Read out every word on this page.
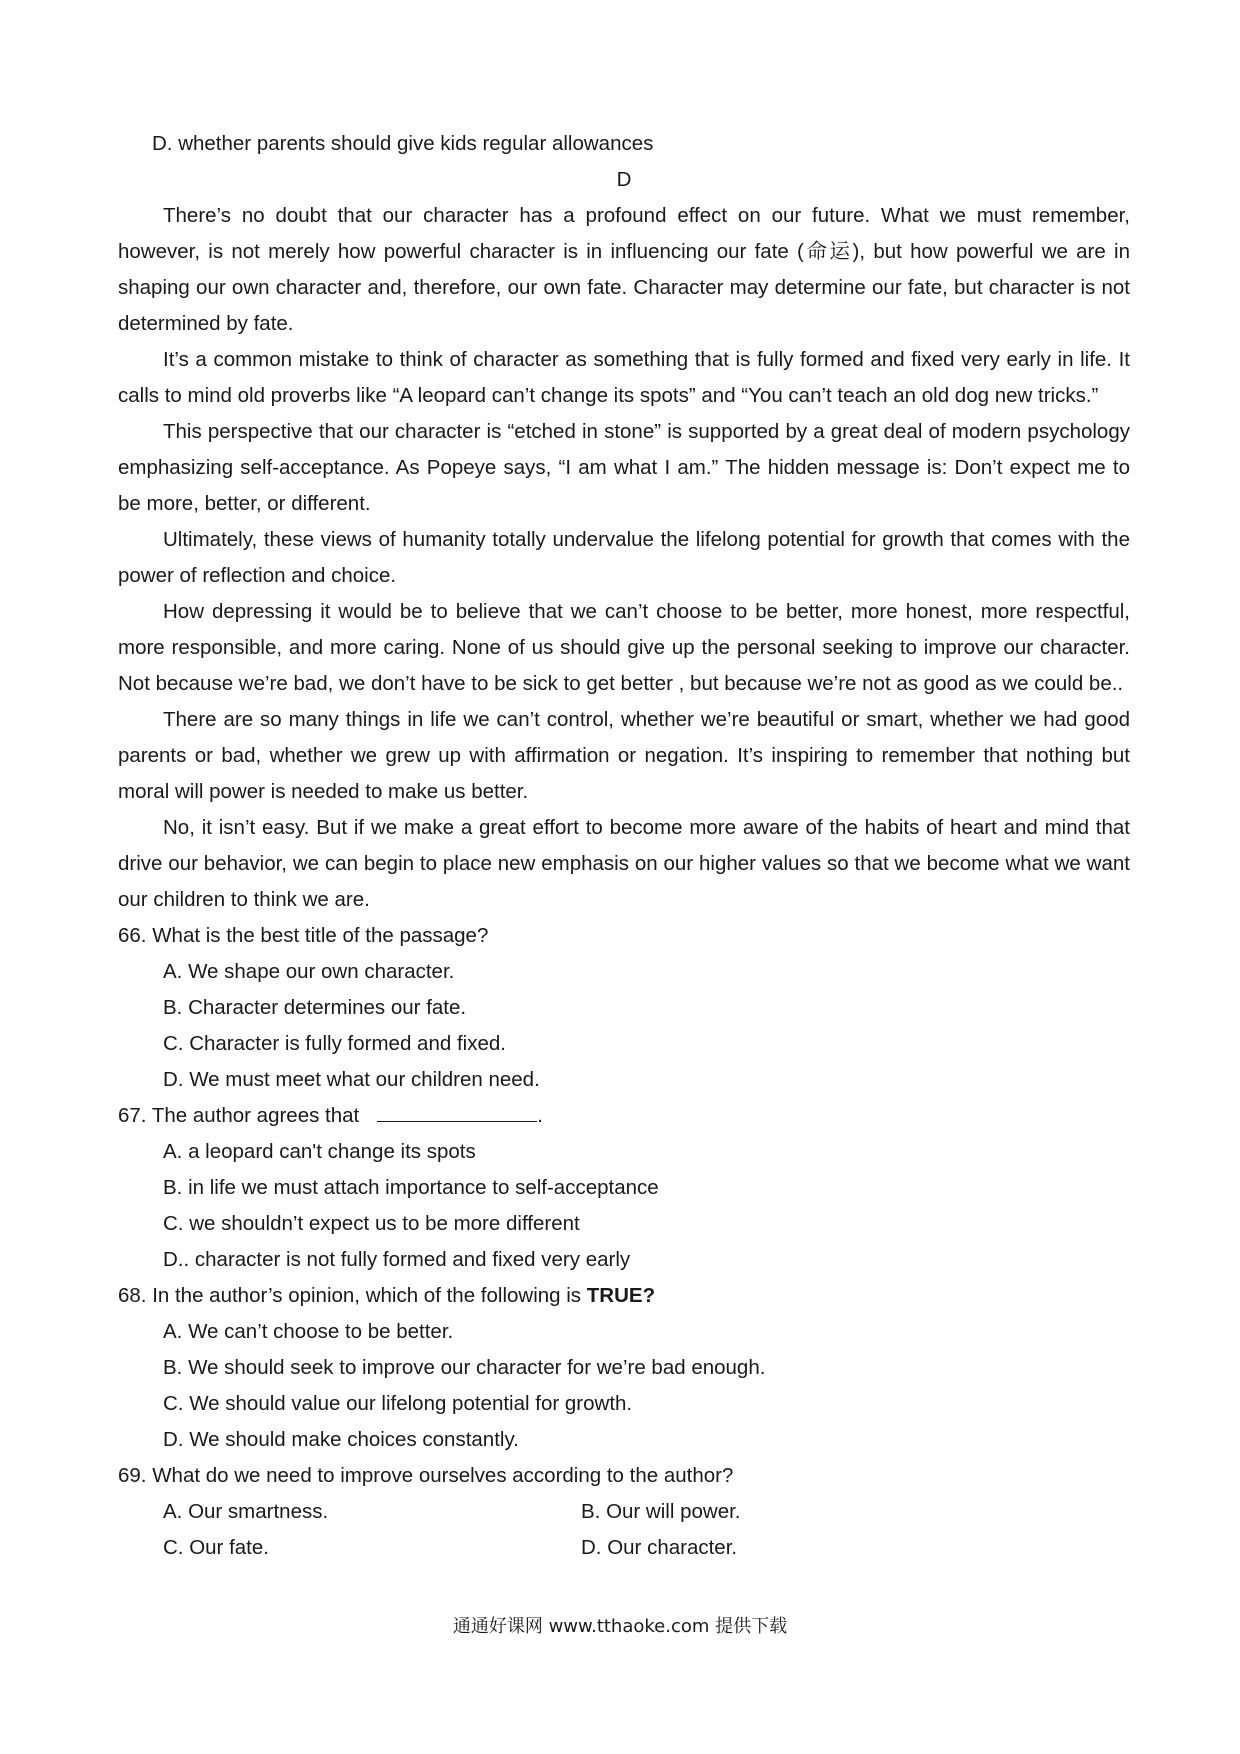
D. whether parents should give kids regular allowances

D

There’s no doubt that our character has a profound effect on our future. What we must remember, however, is not merely how powerful character is in influencing our fate (命运), but how powerful we are in shaping our own character and, therefore, our own fate. Character may determine our fate, but character is not determined by fate.

It’s a common mistake to think of character as something that is fully formed and fixed very early in life. It calls to mind old proverbs like “A leopard can’t change its spots” and “You can’t teach an old dog new tricks.”

This perspective that our character is “etched in stone” is supported by a great deal of modern psychology emphasizing self-acceptance. As Popeye says, “I am what I am.” The hidden message is: Don’t expect me to be more, better, or different.

Ultimately, these views of humanity totally undervalue the lifelong potential for growth that comes with the power of reflection and choice.

How depressing it would be to believe that we can’t choose to be better, more honest, more respectful, more responsible, and more caring. None of us should give up the personal seeking to improve our character. Not because we’re bad, we don’t have to be sick to get better , but because we’re not as good as we could be..

There are so many things in life we can’t control, whether we’re beautiful or smart, whether we had good parents or bad, whether we grew up with affirmation or negation. It’s inspiring to remember that nothing but moral will power is needed to make us better.

No, it isn’t easy. But if we make a great effort to become more aware of the habits of heart and mind that drive our behavior, we can begin to place new emphasis on our higher values so that we become what we want our children to think we are.

66. What is the best title of the passage?

A. We shape our own character.

B. Character determines our fate.

C. Character is fully formed and fixed.

D. We must meet what our children need.

67. The author agrees that	.

A. a leopard can't change its spots

B. in life we must attach importance to self-acceptance

C. we shouldn’t expect us to be more different

D.. character is not fully formed and fixed very early

68. In the author’s opinion, which of the following is TRUE?

A. We can’t choose to be better.

B. We should seek to improve our character for we’re bad enough.

C. We should value our lifelong potential for growth.

D. We should make choices constantly.

69. What do we need to improve ourselves according to the author?

A. Our smartness.	B. Our will power.
C. Our fate.	D. Our character.
通通好课网 www.tthaoke.com 提供下载
